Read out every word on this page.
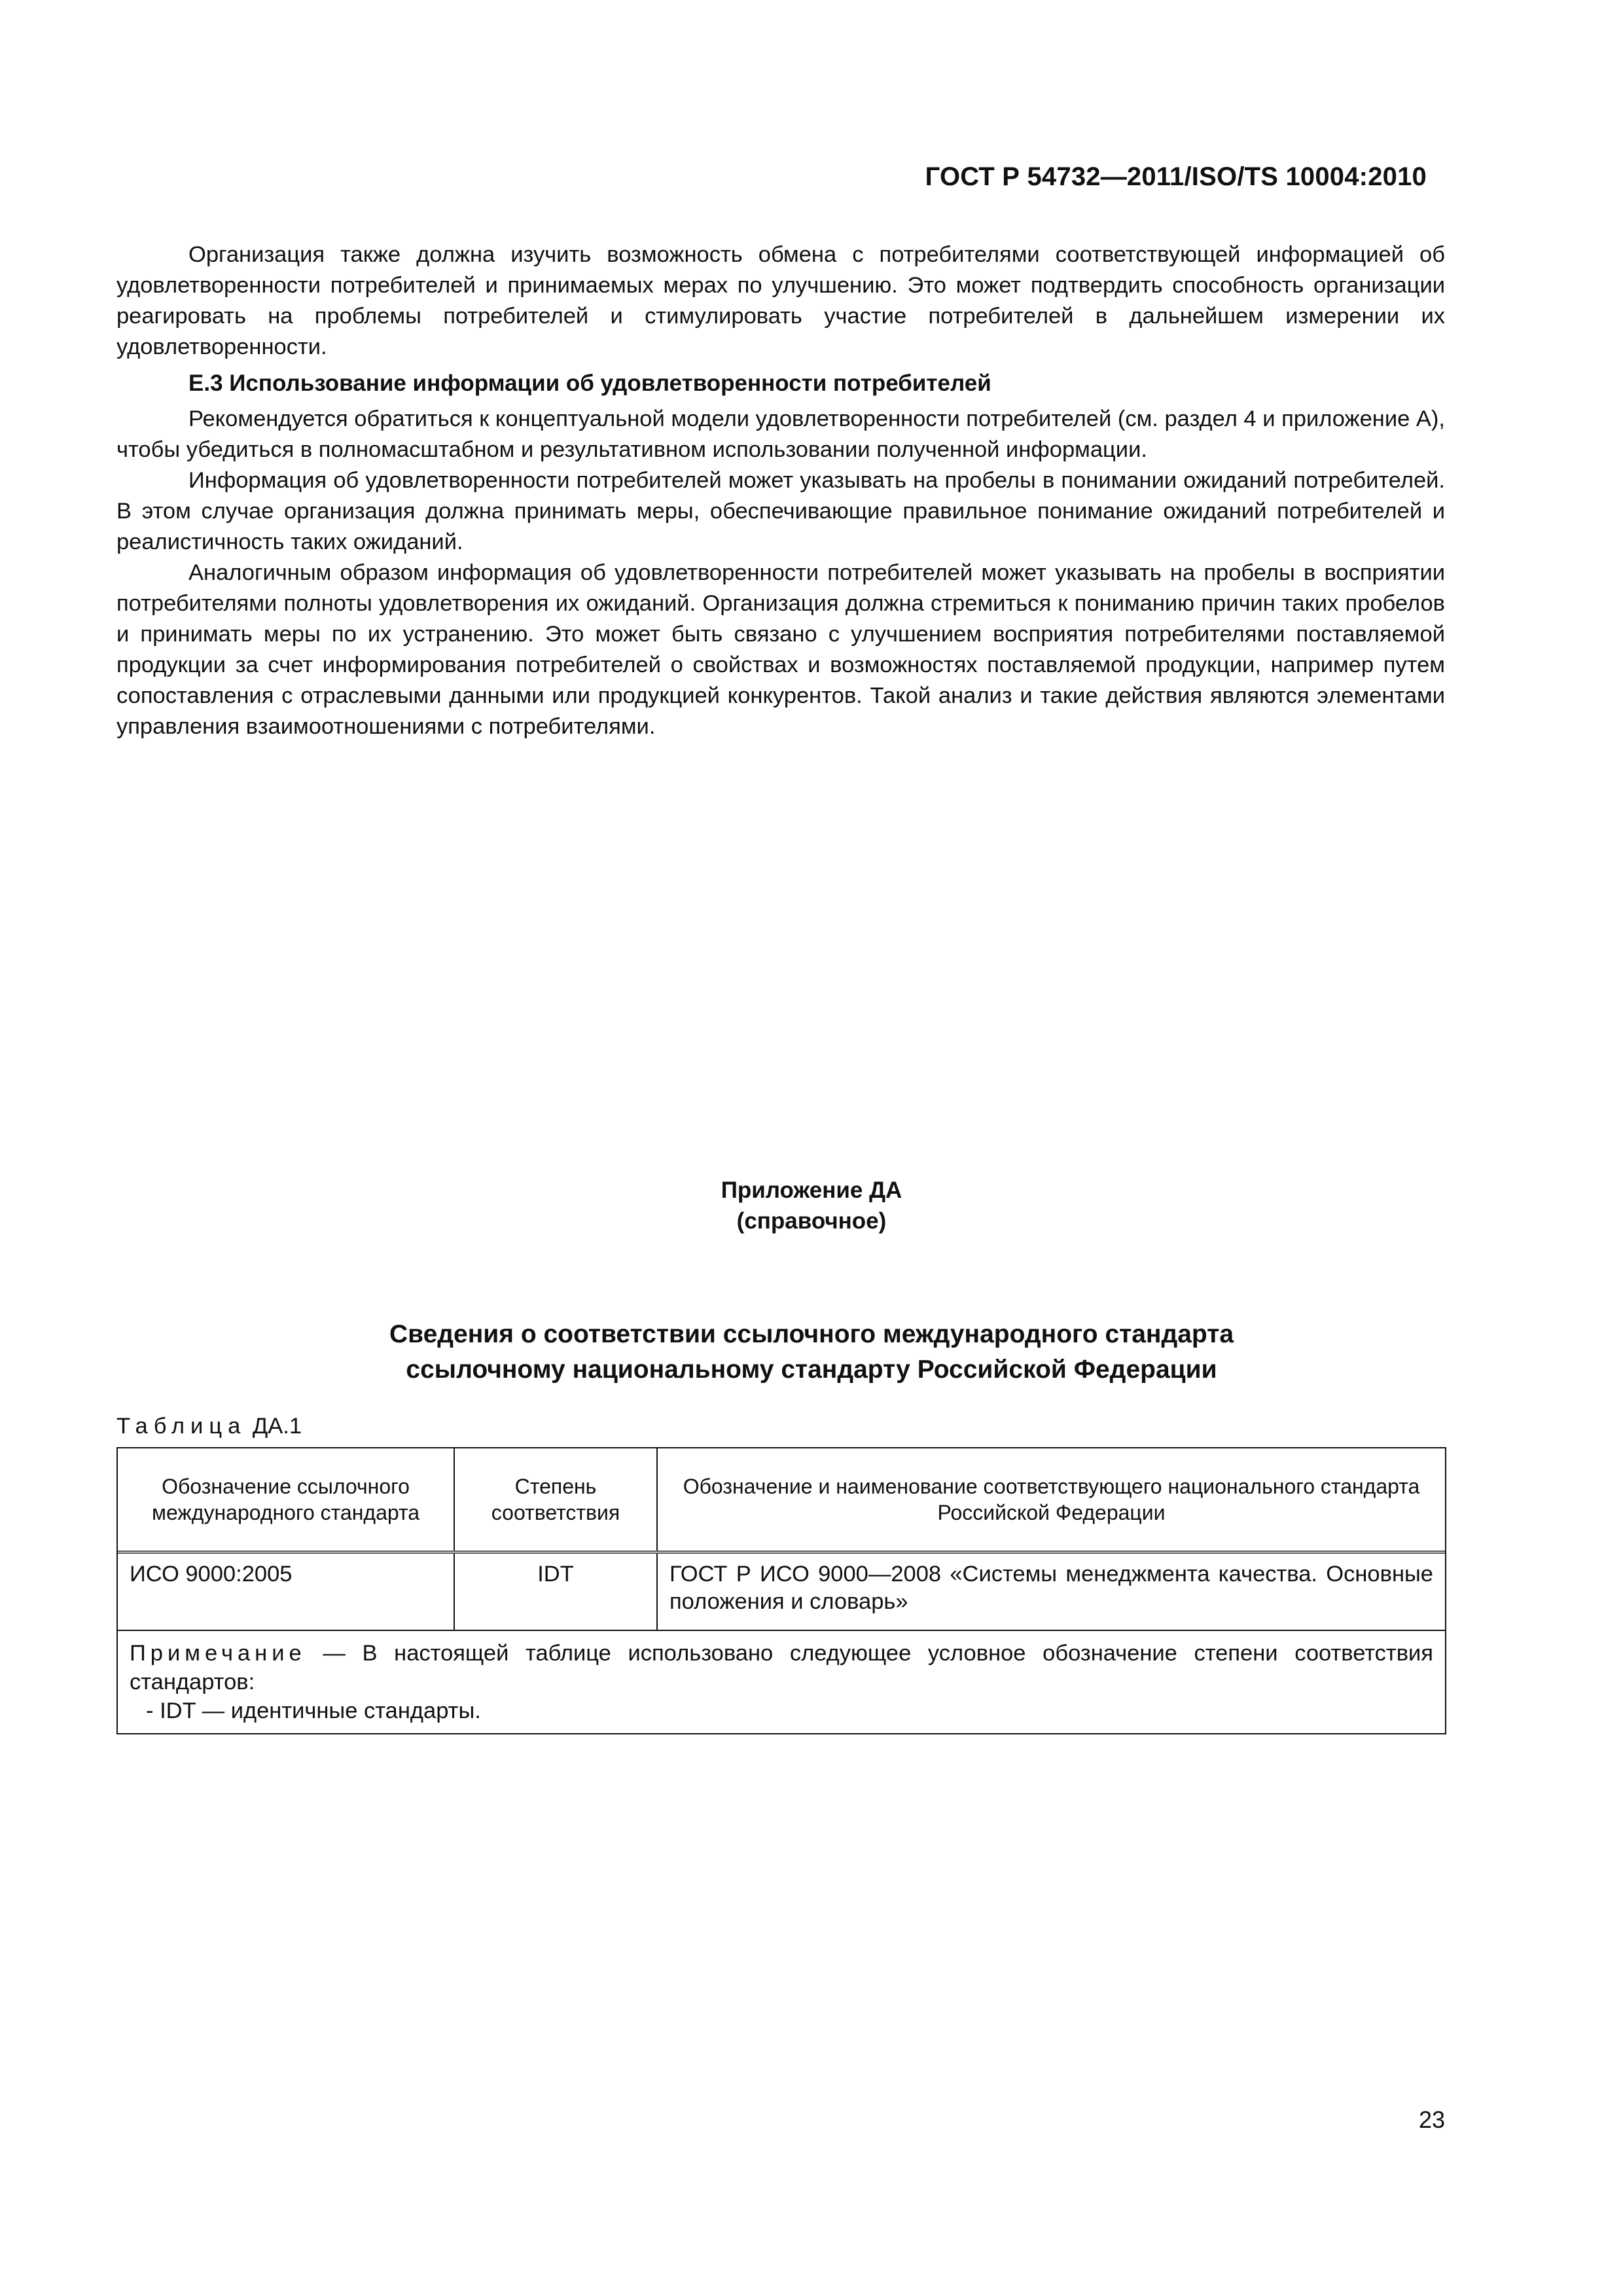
ГОСТ Р 54732—2011/ISO/TS 10004:2010

Организация также должна изучить возможность обмена с потребителями соответствующей информацией об удовлетворенности потребителей и принимаемых мерах по улучшению. Это может подтвердить способность организации реагировать на проблемы потребителей и стимулировать участие потребителей в дальнейшем измерении их удовлетворенности.

Е.3 Использование информации об удовлетворенности потребителей

Рекомендуется обратиться к концептуальной модели удовлетворенности потребителей (см. раздел 4 и приложение А), чтобы убедиться в полномасштабном и результативном использовании полученной информации.

Информация об удовлетворенности потребителей может указывать на пробелы в понимании ожиданий потребителей. В этом случае организация должна принимать меры, обеспечивающие правильное понимание ожиданий потребителей и реалистичность таких ожиданий.

Аналогичным образом информация об удовлетворенности потребителей может указывать на пробелы в восприятии потребителями полноты удовлетворения их ожиданий. Организация должна стремиться к пониманию причин таких пробелов и принимать меры по их устранению. Это может быть связано с улучшением восприятия потребителями поставляемой продукции за счет информирования потребителей о свойствах и возможностях поставляемой продукции, например путем сопоставления с отраслевыми данными или продукцией конкурентов. Такой анализ и такие действия являются элементами управления взаимоотношениями с потребителями.

Приложение ДА
(справочное)
Сведения о соответствии ссылочного международного стандарта
ссылочному национальному стандарту Российской Федерации
Таблица ДА.1
Обозначение ссылочного международного стандарта
Степень соответствия
Обозначение и наименование соответствующего национального стандарта Российской Федерации
ИСО 9000:2005	IDT	ГОСТ Р ИСО 9000—2008 «Системы менеджмента качества. Основные положения и словарь»
Примечание — В настоящей таблице использовано следующее условное обозначение степени соответствия стандартов:
- IDT — идентичные стандарты.
23
